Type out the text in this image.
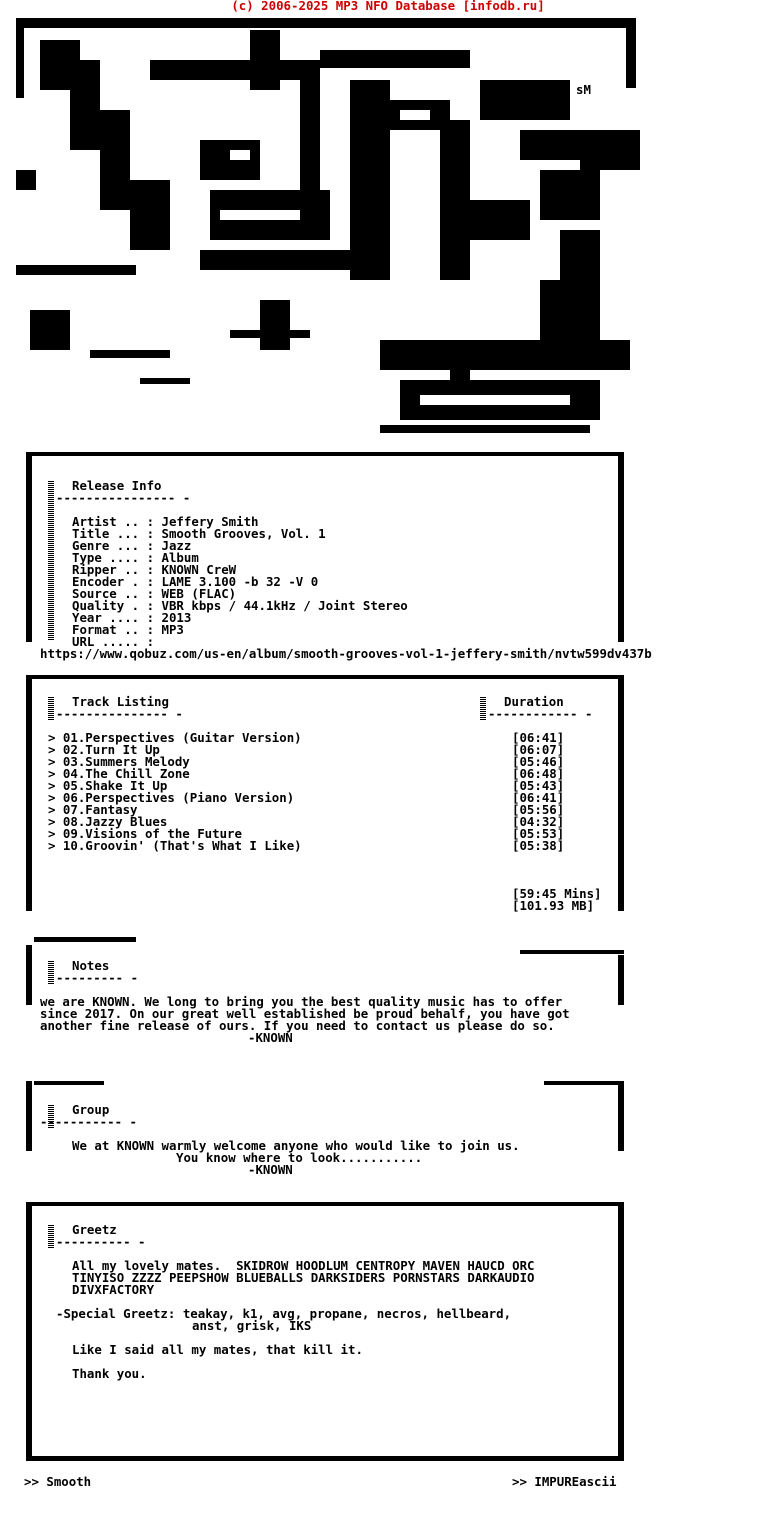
(c) 2006-2025 MP3 NFO Database [infodb.ru]
sM
Release Info
---------------- -
Artist .. : Jeffery Smith
Title ... : Smooth Grooves, Vol. 1
Genre ... : Jazz
Type .... : Album
Ripper .. : KNOWN CreW
Encoder . : LAME 3.100 -b 32 -V 0
Source .. : WEB (FLAC)
Quality . : VBR kbps / 44.1kHz / Joint Stereo
Year .... : 2013
Format .. : MP3
URL ..... :
https://www.qobuz.com/us-en/album/smooth-grooves-vol-1-jeffery-smith/nvtw599dv437b
Track Listing
--------------- -
Duration
------------ -
> 01.Perspectives (Guitar Version)	[06:41]
> 02.Turn It Up	[06:07]
> 03.Summers Melody	[05:46]
> 04.The Chill Zone	[06:48]
> 05.Shake It Up	[05:43]
> 06.Perspectives (Piano Version)	[06:41]
> 07.Fantasy	[05:56]
> 08.Jazzy Blues	[04:32]
> 09.Visions of the Future	[05:53]
> 10.Groovin' (That's What I Like)	[05:38]
[59:45 Mins]
[101.93 MB]
Notes
--------- -
we are KNOWN. We long to bring you the best quality music has to offer
since 2017. On our great well established be proud behalf, you have got
another fine release of ours. If you need to contact us please do so.
-KNOWN
Group
----------- -
We at KNOWN warmly welcome anyone who would like to join us.
You know where to look...........
-KNOWN
Greetz
---------- -
All my lovely mates.  SKIDROW HOODLUM CENTROPY MAVEN HAUCD ORC
TINYISO ZZZZ PEEPSHOW BLUEBALLS DARKSIDERS PORNSTARS DARKAUDIO
DIVXFACTORY
-Special Greetz: teakay, k1, avg, propane, necros, hellbeard,
anst, grisk, IKS
Like I said all my mates, that kill it.
Thank you.
>> Smooth	>> IMPUREascii
